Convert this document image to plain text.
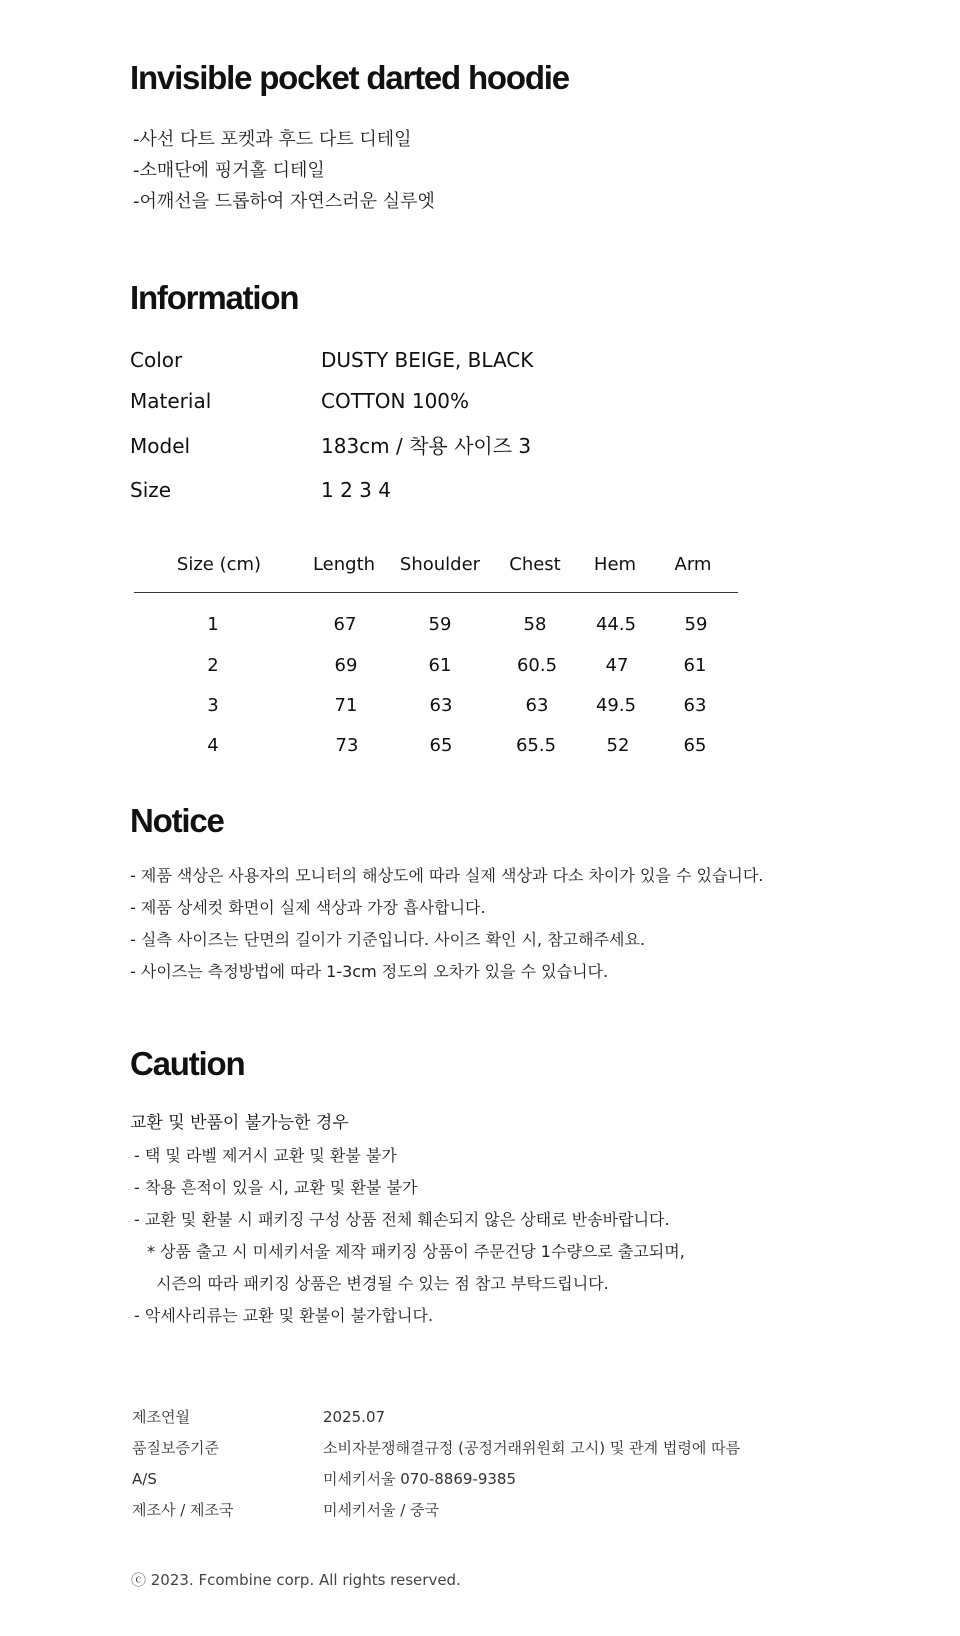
Invisible pocket darted hoodie
-사선 다트 포켓과 후드 다트 디테일
-소매단에 핑거홀 디테일
-어깨선을 드롭하여 자연스러운 실루엣
Information
Color	DUSTY BEIGE, BLACK
Material	COTTON 100%
Model	183cm / 착용 사이즈 3
Size	1 2 3 4
Size (cm)	Length Shoulder Chest Hem Arm
1	67	59	58	44.5	59
2	69	61	60.5	47	61
3	71	63	63	49.5	63
4	73	65	65.5	52	65
Notice
- 제품 색상은 사용자의 모니터의 해상도에 따라 실제 색상과 다소 차이가 있을 수 있습니다.
- 제품 상세컷 화면이 실제 색상과 가장 흡사합니다.
- 실측 사이즈는 단면의 길이가 기준입니다. 사이즈 확인 시, 참고해주세요.
- 사이즈는 측정방법에 따라 1-3cm 정도의 오차가 있을 수 있습니다.
Caution
교환 및 반품이 불가능한 경우
- 택 및 라벨 제거시 교환 및 환불 불가
- 착용 흔적이 있을 시, 교환 및 환불 불가
- 교환 및 환불 시 패키징 구성 상품 전체 훼손되지 않은 상태로 반송바랍니다.
* 상품 출고 시 미세키서울 제작 패키징 상품이 주문건당 1수량으로 출고되며,
시즌의 따라 패키징 상품은 변경될 수 있는 점 참고 부탁드립니다.
- 악세사리류는 교환 및 환불이 불가합니다.
제조연월	2025.07
품질보증기준	소비자분쟁해결규정 (공정거래위원회 고시) 및 관계 법령에 따름
A/S	미세키서울 070-8869-9385
제조사 / 제조국	미세키서울 / 중국
ⓒ 2023. Fcombine corp. All rights reserved.
